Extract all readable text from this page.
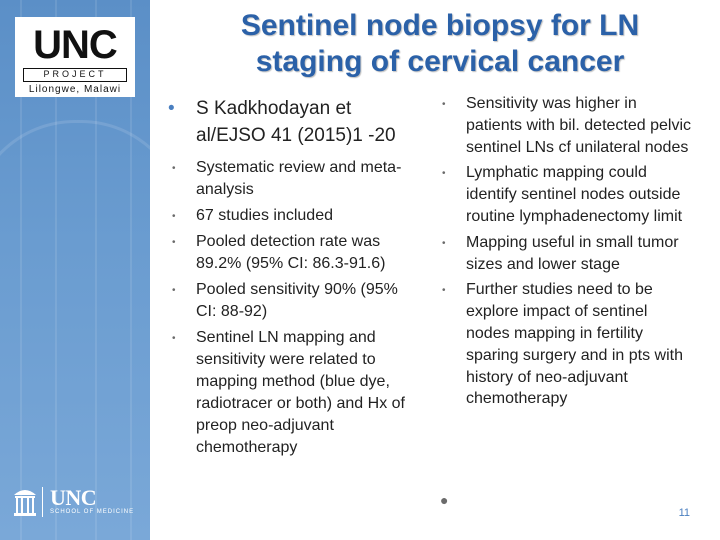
UNC
PROJECT
Lilongwe, Malawi
UNC
SCHOOL OF MEDICINE
Sentinel node biopsy for LN
staging of cervical cancer
• S Kadkhodayan et al/EJSO 41 (2015)1 -20
• Systematic review and meta-analysis
• 67 studies included
• Pooled detection rate was 89.2% (95% CI: 86.3-91.6)
• Pooled sensitivity 90% (95% CI: 88-92)
• Sentinel LN mapping and sensitivity were related to mapping method (blue dye, radiotracer or both) and Hx of preop neo-adjuvant chemotherapy
• Sensitivity was higher in patients with bil. detected pelvic sentinel LNs cf unilateral nodes
• Lymphatic mapping could identify sentinel nodes outside routine lymphadenectomy limit
• Mapping useful in small tumor sizes and lower stage
• Further studies need to be explore impact of sentinel nodes mapping in fertility sparing surgery and in pts with history of neo-adjuvant chemotherapy
●
11
